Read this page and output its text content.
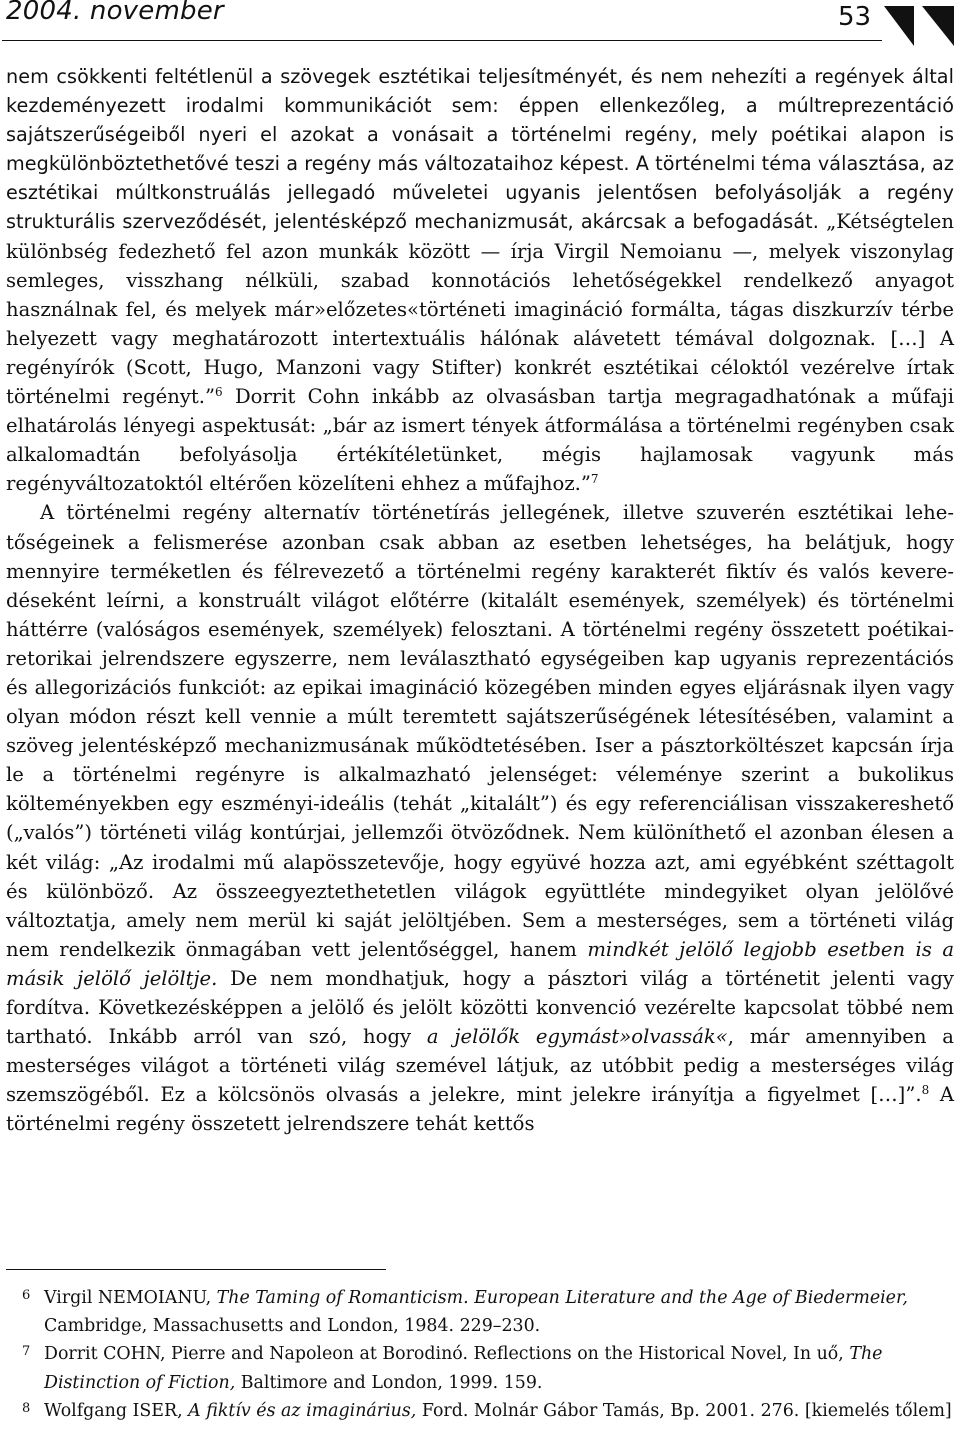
2004. november	53

nem csökkenti feltétlenül a szövegek esztétikai teljesítményét, és nem nehezíti a regények által kezdeményezett irodalmi kommunikációt sem: éppen ellenkezőleg, a múltreprezentáció sajátszerűségeiből nyeri el azokat a vonásait a történelmi regény, mely poétikai alapon is megkülönböztethetővé teszi a regény más változataihoz képest. A történelmi téma választása, az esztétikai múltkonstruálás jellegadó műveletei ugyanis jelentősen befolyásolják a regény strukturális szerveződését, jelentésképző mechanizmusát, akárcsak a befogadását. „Kétségtelen különbség fedezhető fel azon munkák között — írja Virgil Nemoianu —, melyek viszonylag semleges, visszhang nélküli, szabad konnotációs lehetőségekkel rendelkező anyagot használnak fel, és melyek már»előzetes«történeti imagináció formálta, tágas diszkurzív térbe helyezett vagy meghatározott intertextuális hálónak alávetett témával dolgoznak. […] A regényírók (Scott, Hugo, Manzoni vagy Stifter) konkrét esztétikai céloktól vezérelve írtak történelmi regényt.”$^6$ Dorrit Cohn inkább az olvasásban tartja megragadhatónak a műfaji elhatárolás lényegi aspektusát: „bár az ismert tények átformálása a történelmi regényben csak alkalomadtán befolyásolja értékítéletünket, mégis hajlamosak vagyunk más regényváltozatoktól eltérően közelíteni ehhez a műfajhoz.”$^7$

A történelmi regény alternatív történetírás jellegének, illetve szuverén esztétikai lehetőségeinek a felismerése azonban csak abban az esetben lehetséges, ha belátjuk, hogy mennyire terméketlen és félrevezető a történelmi regény karakterét fiktív és valós keveredéseként leírni, a konstruált világot előtérre (kitalált események, személyek) és történelmi háttérre (valóságos események, személyek) felosztani. A történelmi regény összetett poétikai-retorikai jelrendszere egyszerre, nem leválasztható egységeiben kap ugyanis reprezentációs és allegorizációs funkciót: az epikai imagináció közegében minden egyes eljárásnak ilyen vagy olyan módon részt kell vennie a múlt teremtett sajátszerűségének létesítésében, valamint a szöveg jelentésképző mechanizmusának működtetésében. Iser a pásztorköltészet kapcsán írja le a történelmi regényre is alkalmazható jelenséget: véleménye szerint a bukolikus költeményekben egy eszményi-ideális (tehát „kitalált”) és egy referenciálisan visszakereshető („valós”) történeti világ kontúrjai, jellemzői ötvöződnek. Nem különíthető el azonban élesen a két világ: „Az irodalmi mű alapösszetevője, hogy együvé hozza azt, ami egyébként széttagolt és különböző. Az összeegyeztethetetlen világok együttléte mindegyiket olyan jelölővé változtatja, amely nem merül ki saját jelöltjében. Sem a mesterséges, sem a történeti világ nem rendelkezik önmagában vett jelentőséggel, hanem mindkét jelölő legjobb esetben is a másik jelölő jelöltje. De nem mondhatjuk, hogy a pásztori világ a történetit jelenti vagy fordítva. Következésképpen a jelölő és jelölt közötti konvenció vezérelte kapcsolat többé nem tartható. Inkább arról van szó, hogy a jelölők egymást»olvassák«, már amennyiben a mesterséges világot a történeti világ szemével látjuk, az utóbbit pedig a mesterséges világ szemszögéből. Ez a kölcsönös olvasás a jelekre, mint jelekre irányítja a figyelmet […]”.$^8$ A történelmi regény összetett jelrendszere tehát kettős

6 Virgil NEMOIANU, The Taming of Romanticism. European Literature and the Age of Biedermeier, Cambridge, Massachusetts and London, 1984. 229–230.
7 Dorrit COHN, Pierre and Napoleon at Borodinó. Reflections on the Historical Novel, In uő, The Distinction of Fiction, Baltimore and London, 1999. 159.
8 Wolfgang ISER, A fiktív és az imaginárius, Ford. Molnár Gábor Tamás, Bp. 2001. 276. [kiemelés tőlem]
